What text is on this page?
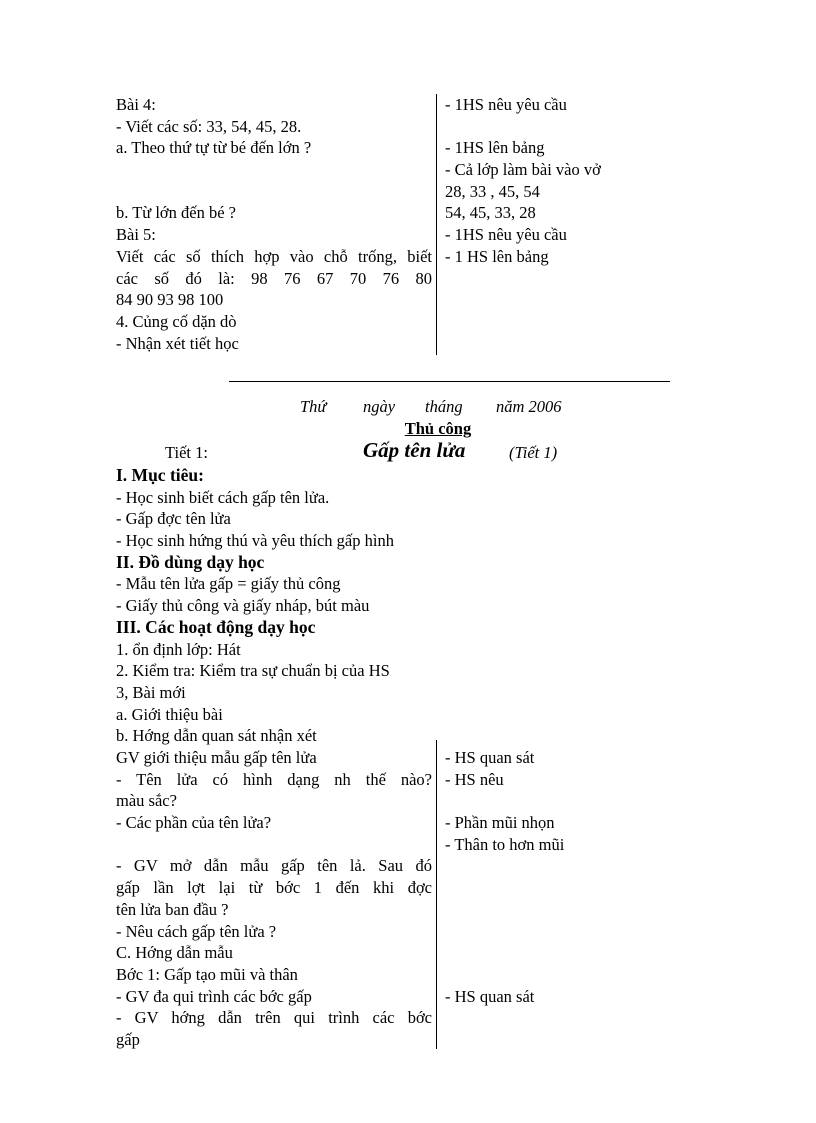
Bài 4:
- Viết các số: 33, 54, 45, 28.
a. Theo thứ tự từ bé đến lớn ?
b. Từ lớn đến bé ?
Bài 5:
Viết các số thích hợp vào chỗ trống, biết
các số đó là: 98 76 67 70 76 80
84 90 93 98 100
4. Củng cố dặn dò
- Nhận xét tiết học
- 1HS nêu yêu cầu
- 1HS lên bảng
- Cả lớp làm bài vào vở
28, 33 , 45, 54
54, 45, 33, 28
- 1HS nêu yêu cầu
- 1 HS lên bảng
Thứ ngày tháng năm 2006
Thủ công
Tiết 1:	Gấp tên lửa	(Tiết 1)
I. Mục tiêu:
- Học sinh biết cách gấp tên lửa.
- Gấp đợc tên lửa
- Học sinh hứng thú và yêu thích gấp hình
II. Đồ dùng dạy học
- Mẫu tên lửa gấp = giấy thủ công
- Giấy thủ công và giấy nháp, bút màu
III. Các hoạt động dạy học
1. ổn định lớp: Hát
2. Kiểm tra: Kiểm tra sự chuẩn bị của HS
3, Bài mới
a. Giới thiệu bài
b. Hớng dẫn quan sát nhận xét
GV giới thiệu mẫu gấp tên lửa
- Tên lửa có hình dạng nh thế nào?
màu sắc?
- Các phần của tên lửa?
- GV mở dẫn mẫu gấp tên lả. Sau đó
gấp lần lợt lại từ bớc 1 đến khi đợc
tên lửa ban đầu ?
- Nêu cách gấp tên lửa ?
C. Hớng dẫn mẫu
Bớc 1: Gấp tạo mũi và thân
- GV đa qui trình các bớc gấp
- GV hớng dẫn trên qui trình các bớc
gấp
- HS quan sát
- HS nêu
- Phần mũi nhọn
- Thân to hơn mũi
- HS quan sát
